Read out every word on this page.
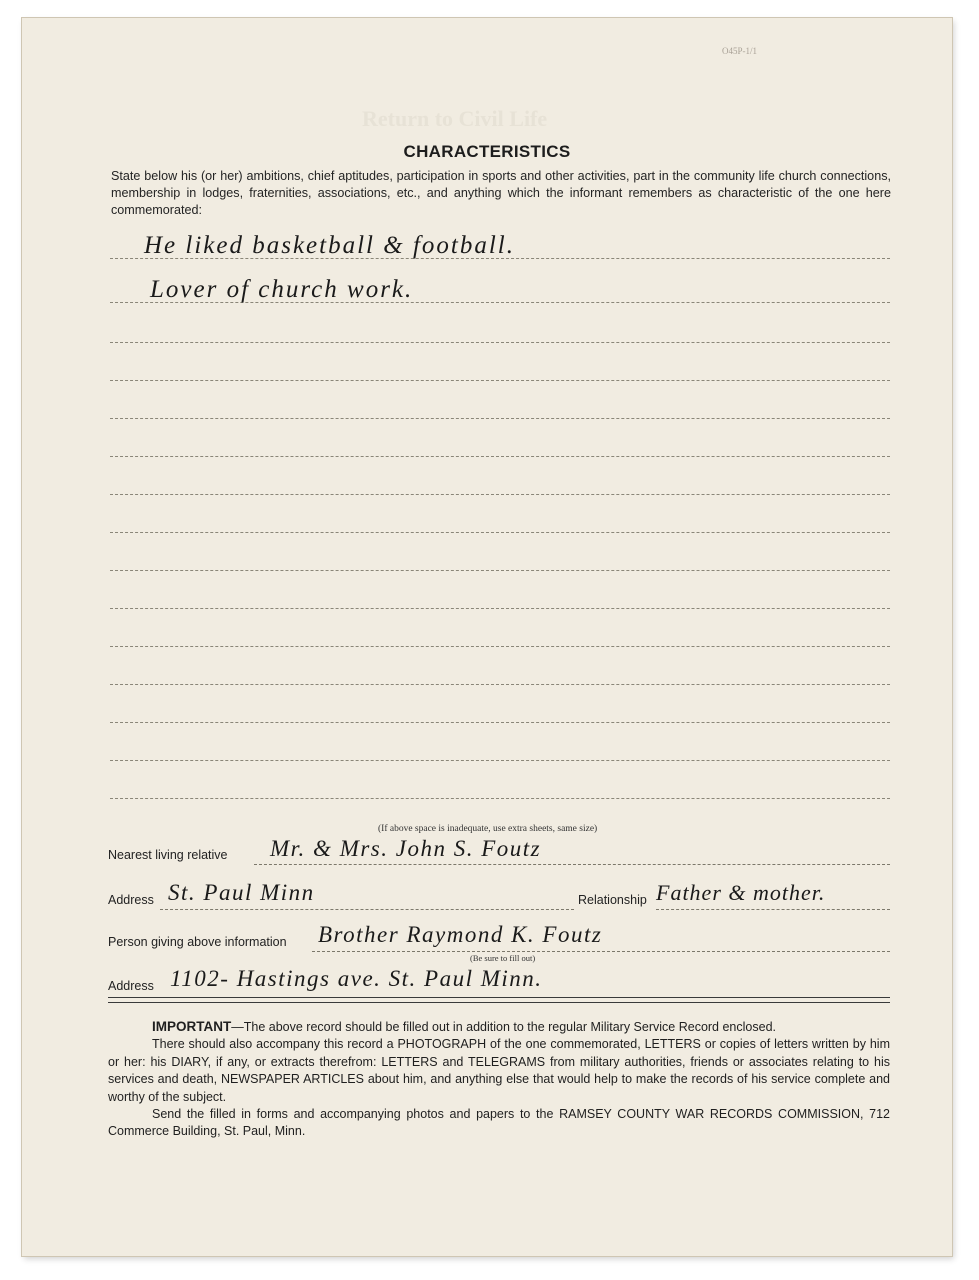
Return to Civil Life
O45P-1/1
CHARACTERISTICS
State below his (or her) ambitions, chief aptitudes, participation in sports and other activities, part in the community life church connections, membership in lodges, fraternities, associations, etc., and anything which the informant remembers as characteristic of the one here commemorated:
He liked basketball & football.
Lover of church work.
(If above space is inadequate, use extra sheets, same size)
Nearest living relative Mr. & Mrs. John S. Foutz
Address St. Paul Minn	Relationship Father & mother.
Person giving above information Brother Raymond K. Foutz
(Be sure to fill out)
Address 1102- Hastings ave. St. Paul Minn.

IMPORTANT—The above record should be filled out in addition to the regular Military Service Record enclosed.

There should also accompany this record a PHOTOGRAPH of the one commemorated, LETTERS or copies of letters written by him or her: his DIARY, if any, or extracts therefrom: LETTERS and TELEGRAMS from military authorities, friends or associates relating to his services and death, NEWSPAPER ARTICLES about him, and anything else that would help to make the records of his service complete and worthy of the subject.

Send the filled in forms and accompanying photos and papers to the RAMSEY COUNTY WAR RECORDS COMMISSION, 712 Commerce Building, St. Paul, Minn.
